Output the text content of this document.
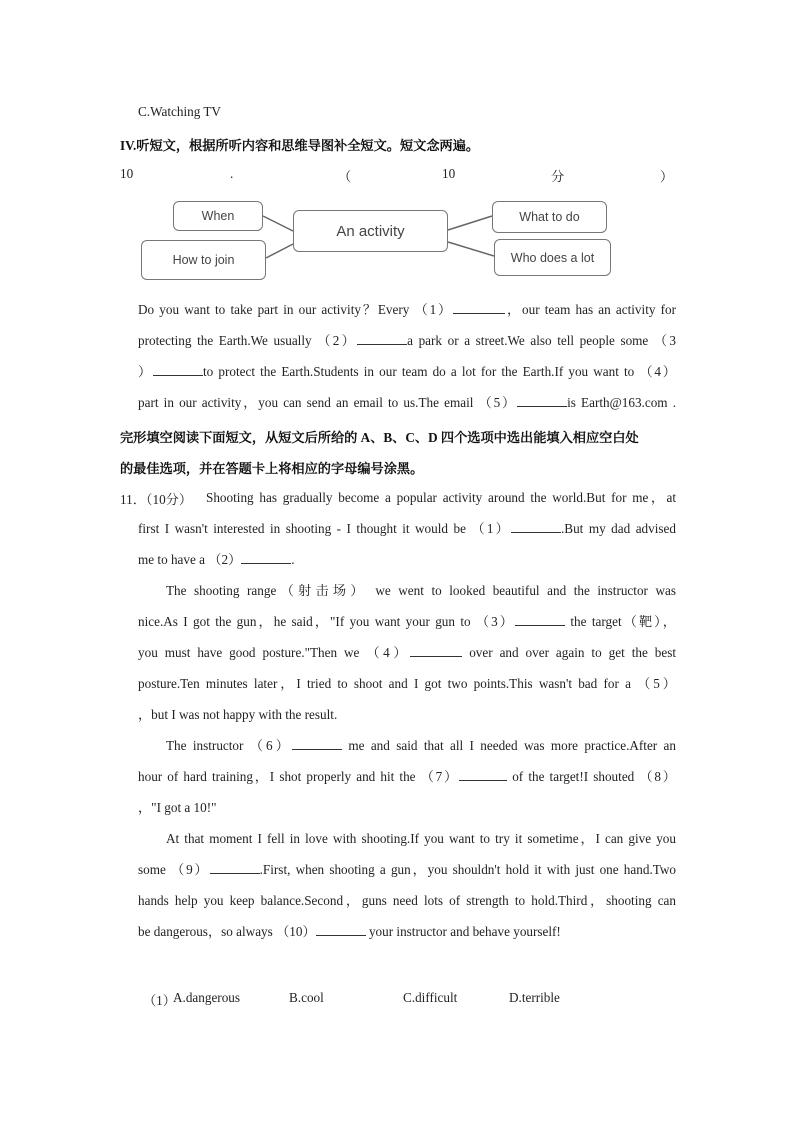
C.Watching TV
IV.听短文，根据所听内容和思维导图补全短文。短文念两遍。
10	.	（	10	分	）
When
How to join
An activity
What to do
Who does a lot
Do you want to take part in our activity？Every （1）	，our team has an activity for
protecting the Earth.We usually （2）	a park or a street.We also tell people some （3
）	to protect the Earth.Students in our team do a lot for the Earth.If you want to （4）
part in our activity，you can send an email to us.The email （5）	is Earth@163.com .
完形填空阅读下面短文，从短文后所给的 A、B、C、D 四个选项中选出能填入相应空白处
的最佳选项，并在答题卡上将相应的字母编号涂黑。
11．（10分） Shooting has gradually become a popular activity around the world.But for me，at
first I wasn't interested in shooting - I thought it would be （1）	.But my dad advised
me to have a （2）	.
The shooting range（射击场） we went to looked beautiful and the instructor was
nice.As I got the gun，he said，"If you want your gun to （3）	the target（靶），
you must have good posture."Then we （4）	over and over again to get the best
posture.Ten minutes later，I tried to shoot and I got two points.This wasn't bad for a （5）
，but I was not happy with the result.
The instructor （6）	me and said that all I needed was more practice.After an
hour of hard training，I shot properly and hit the （7）	of the target!I shouted （8）
，"I got a 10!"
At that moment I fell in love with shooting.If you want to try it sometime，I can give you
some （9）	.First, when shooting a gun，you shouldn't hold it with just one hand.Two
hands help you keep balance.Second，guns need lots of strength to hold.Third，shooting can
be dangerous，so always （10）	your instructor and behave yourself!
（1）
A.dangerous	B.cool	C.difficult	D.terrible
